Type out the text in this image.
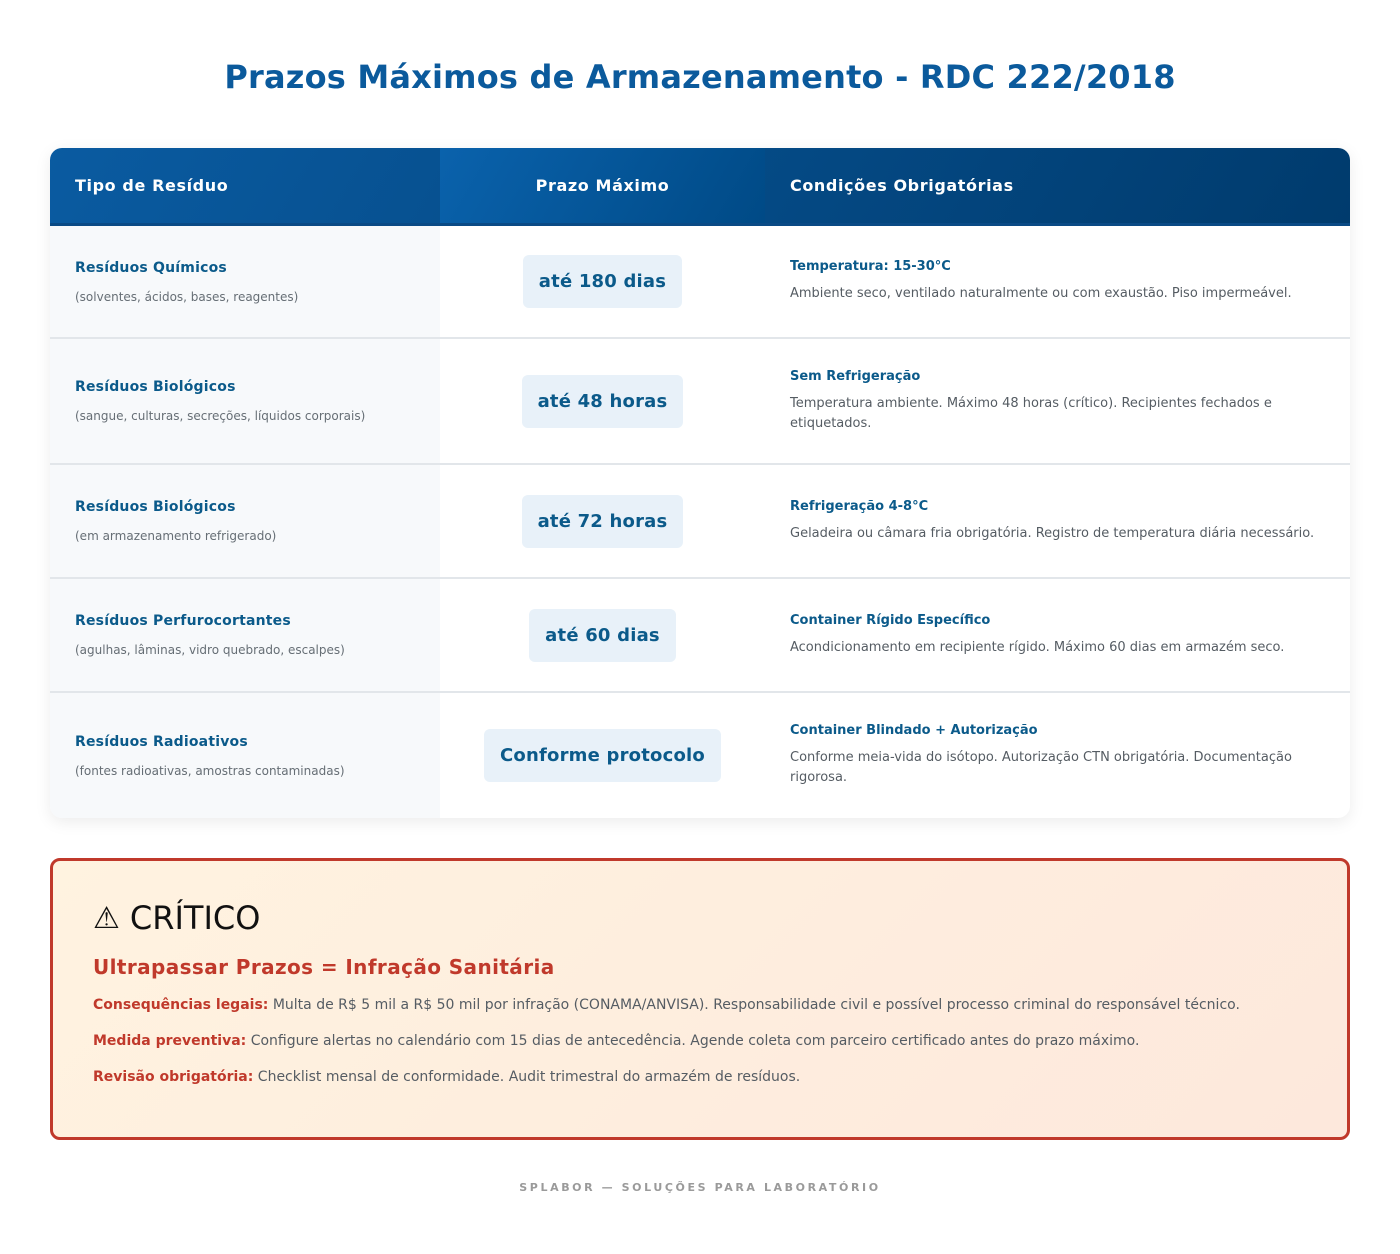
Prazos Máximos de Armazenamento - RDC 222/2018
Tipo de Resíduo	Prazo Máximo	Condições Obrigatórias
Resíduos Químicos
(solventes, ácidos, bases, reagentes)
até 180 dias
Temperatura: 15-30°C
Ambiente seco, ventilado naturalmente ou com exaustão. Piso impermeável.
Resíduos Biológicos
(sangue, culturas, secreções, líquidos corporais)
até 48 horas
Sem Refrigeração
Temperatura ambiente. Máximo 48 horas (crítico). Recipientes fechados e etiquetados.
Resíduos Biológicos
(em armazenamento refrigerado)
até 72 horas
Refrigeração 4-8°C
Geladeira ou câmara fria obrigatória. Registro de temperatura diária necessário.
Resíduos Perfurocortantes
(agulhas, lâminas, vidro quebrado, escalpes)
até 60 dias
Container Rígido Específico
Acondicionamento em recipiente rígido. Máximo 60 dias em armazém seco.
Resíduos Radioativos
(fontes radioativas, amostras contaminadas)
Conforme protocolo
Container Blindado + Autorização
Conforme meia-vida do isótopo. Autorização CTN obrigatória. Documentação rigorosa.
⚠ CRÍTICO
Ultrapassar Prazos = Infração Sanitária
Consequências legais: Multa de R$ 5 mil a R$ 50 mil por infração (CONAMA/ANVISA). Responsabilidade civil e possível processo criminal do responsável técnico.
Medida preventiva: Configure alertas no calendário com 15 dias de antecedência. Agende coleta com parceiro certificado antes do prazo máximo.
Revisão obrigatória: Checklist mensal de conformidade. Audit trimestral do armazém de resíduos.
SPLABOR — SOLUÇÕES PARA LABORATÓRIO
